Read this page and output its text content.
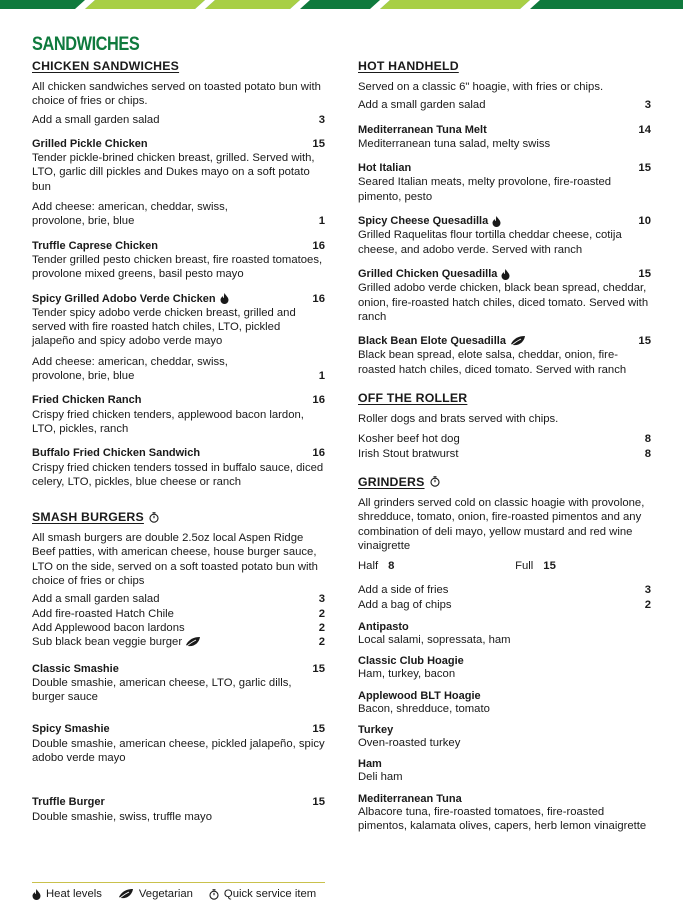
SANDWICHES
CHICKEN SANDWICHES
All chicken sandwiches served on toasted potato bun with choice of fries or chips.
Add a small garden salad	3
Grilled Pickle Chicken	15
Tender pickle-brined chicken breast, grilled. Served with, LTO, garlic dill pickles and Dukes mayo on a soft potato bun
Add cheese: american, cheddar, swiss, provolone, brie, blue	1
Truffle Caprese Chicken	16
Tender grilled pesto chicken breast, fire roasted tomatoes, provolone mixed greens, basil pesto mayo
Spicy Grilled Adobo Verde Chicken	16
Tender spicy adobo verde chicken breast, grilled and served with fire roasted hatch chiles, LTO, pickled jalapeño and spicy adobo verde mayo
Add cheese: american, cheddar, swiss, provolone, brie, blue	1
Fried Chicken Ranch	16
Crispy fried chicken tenders, applewood bacon lardon, LTO, pickles, ranch
Buffalo Fried Chicken Sandwich	16
Crispy fried chicken tenders tossed in buffalo sauce, diced celery, LTO, pickles, blue cheese or ranch
SMASH BURGERS
All smash burgers are double 2.5oz local Aspen Ridge Beef patties, with american cheese, house burger sauce, LTO on the side, served on a soft toasted potato bun with choice of fries or chips
Add a small garden salad	3
Add fire-roasted Hatch Chile	2
Add Applewood bacon lardons	2
Sub black bean veggie burger	2
Classic Smashie	15
Double smashie, american cheese, LTO, garlic dills, burger sauce
Spicy Smashie	15
Double smashie, american cheese, pickled jalapeño, spicy adobo verde mayo
Truffle Burger	15
Double smashie, swiss, truffle mayo
HOT HANDHELD
Served on a classic 6" hoagie, with fries or chips.
Add a small garden salad	3
Mediterranean Tuna Melt	14
Mediterranean tuna salad, melty swiss
Hot Italian	15
Seared Italian meats, melty provolone, fire-roasted pimento, pesto
Spicy Cheese Quesadilla	10
Grilled Raquelitas flour tortilla cheddar cheese, cotija cheese, and adobo verde. Served with ranch
Grilled Chicken Quesadilla	15
Grilled adobo verde chicken, black bean spread, cheddar, onion, fire-roasted hatch chiles, diced tomato. Served with ranch
Black Bean Elote Quesadilla	15
Black bean spread, elote salsa, cheddar, onion, fire-roasted hatch chiles, diced tomato. Served with ranch
OFF THE ROLLER
Roller dogs and brats served with chips.
Kosher beef hot dog	8
Irish Stout bratwurst	8
GRINDERS
All grinders served cold on classic hoagie with provolone, shredduce, tomato, onion, fire-roasted pimentos and any combination of deli mayo, yellow mustard and red wine vinaigrette
Half 8	Full 15
Add a side of fries	3
Add a bag of chips	2
Antipasto
Local salami, sopressata, ham
Classic Club Hoagie
Ham, turkey, bacon
Applewood BLT Hoagie
Bacon, shredduce, tomato
Turkey
Oven-roasted turkey
Ham
Deli ham
Mediterranean Tuna
Albacore tuna, fire-roasted tomatoes, fire-roasted pimentos, kalamata olives, capers, herb lemon vinaigrette
Heat levels	Vegetarian	Quick service item
